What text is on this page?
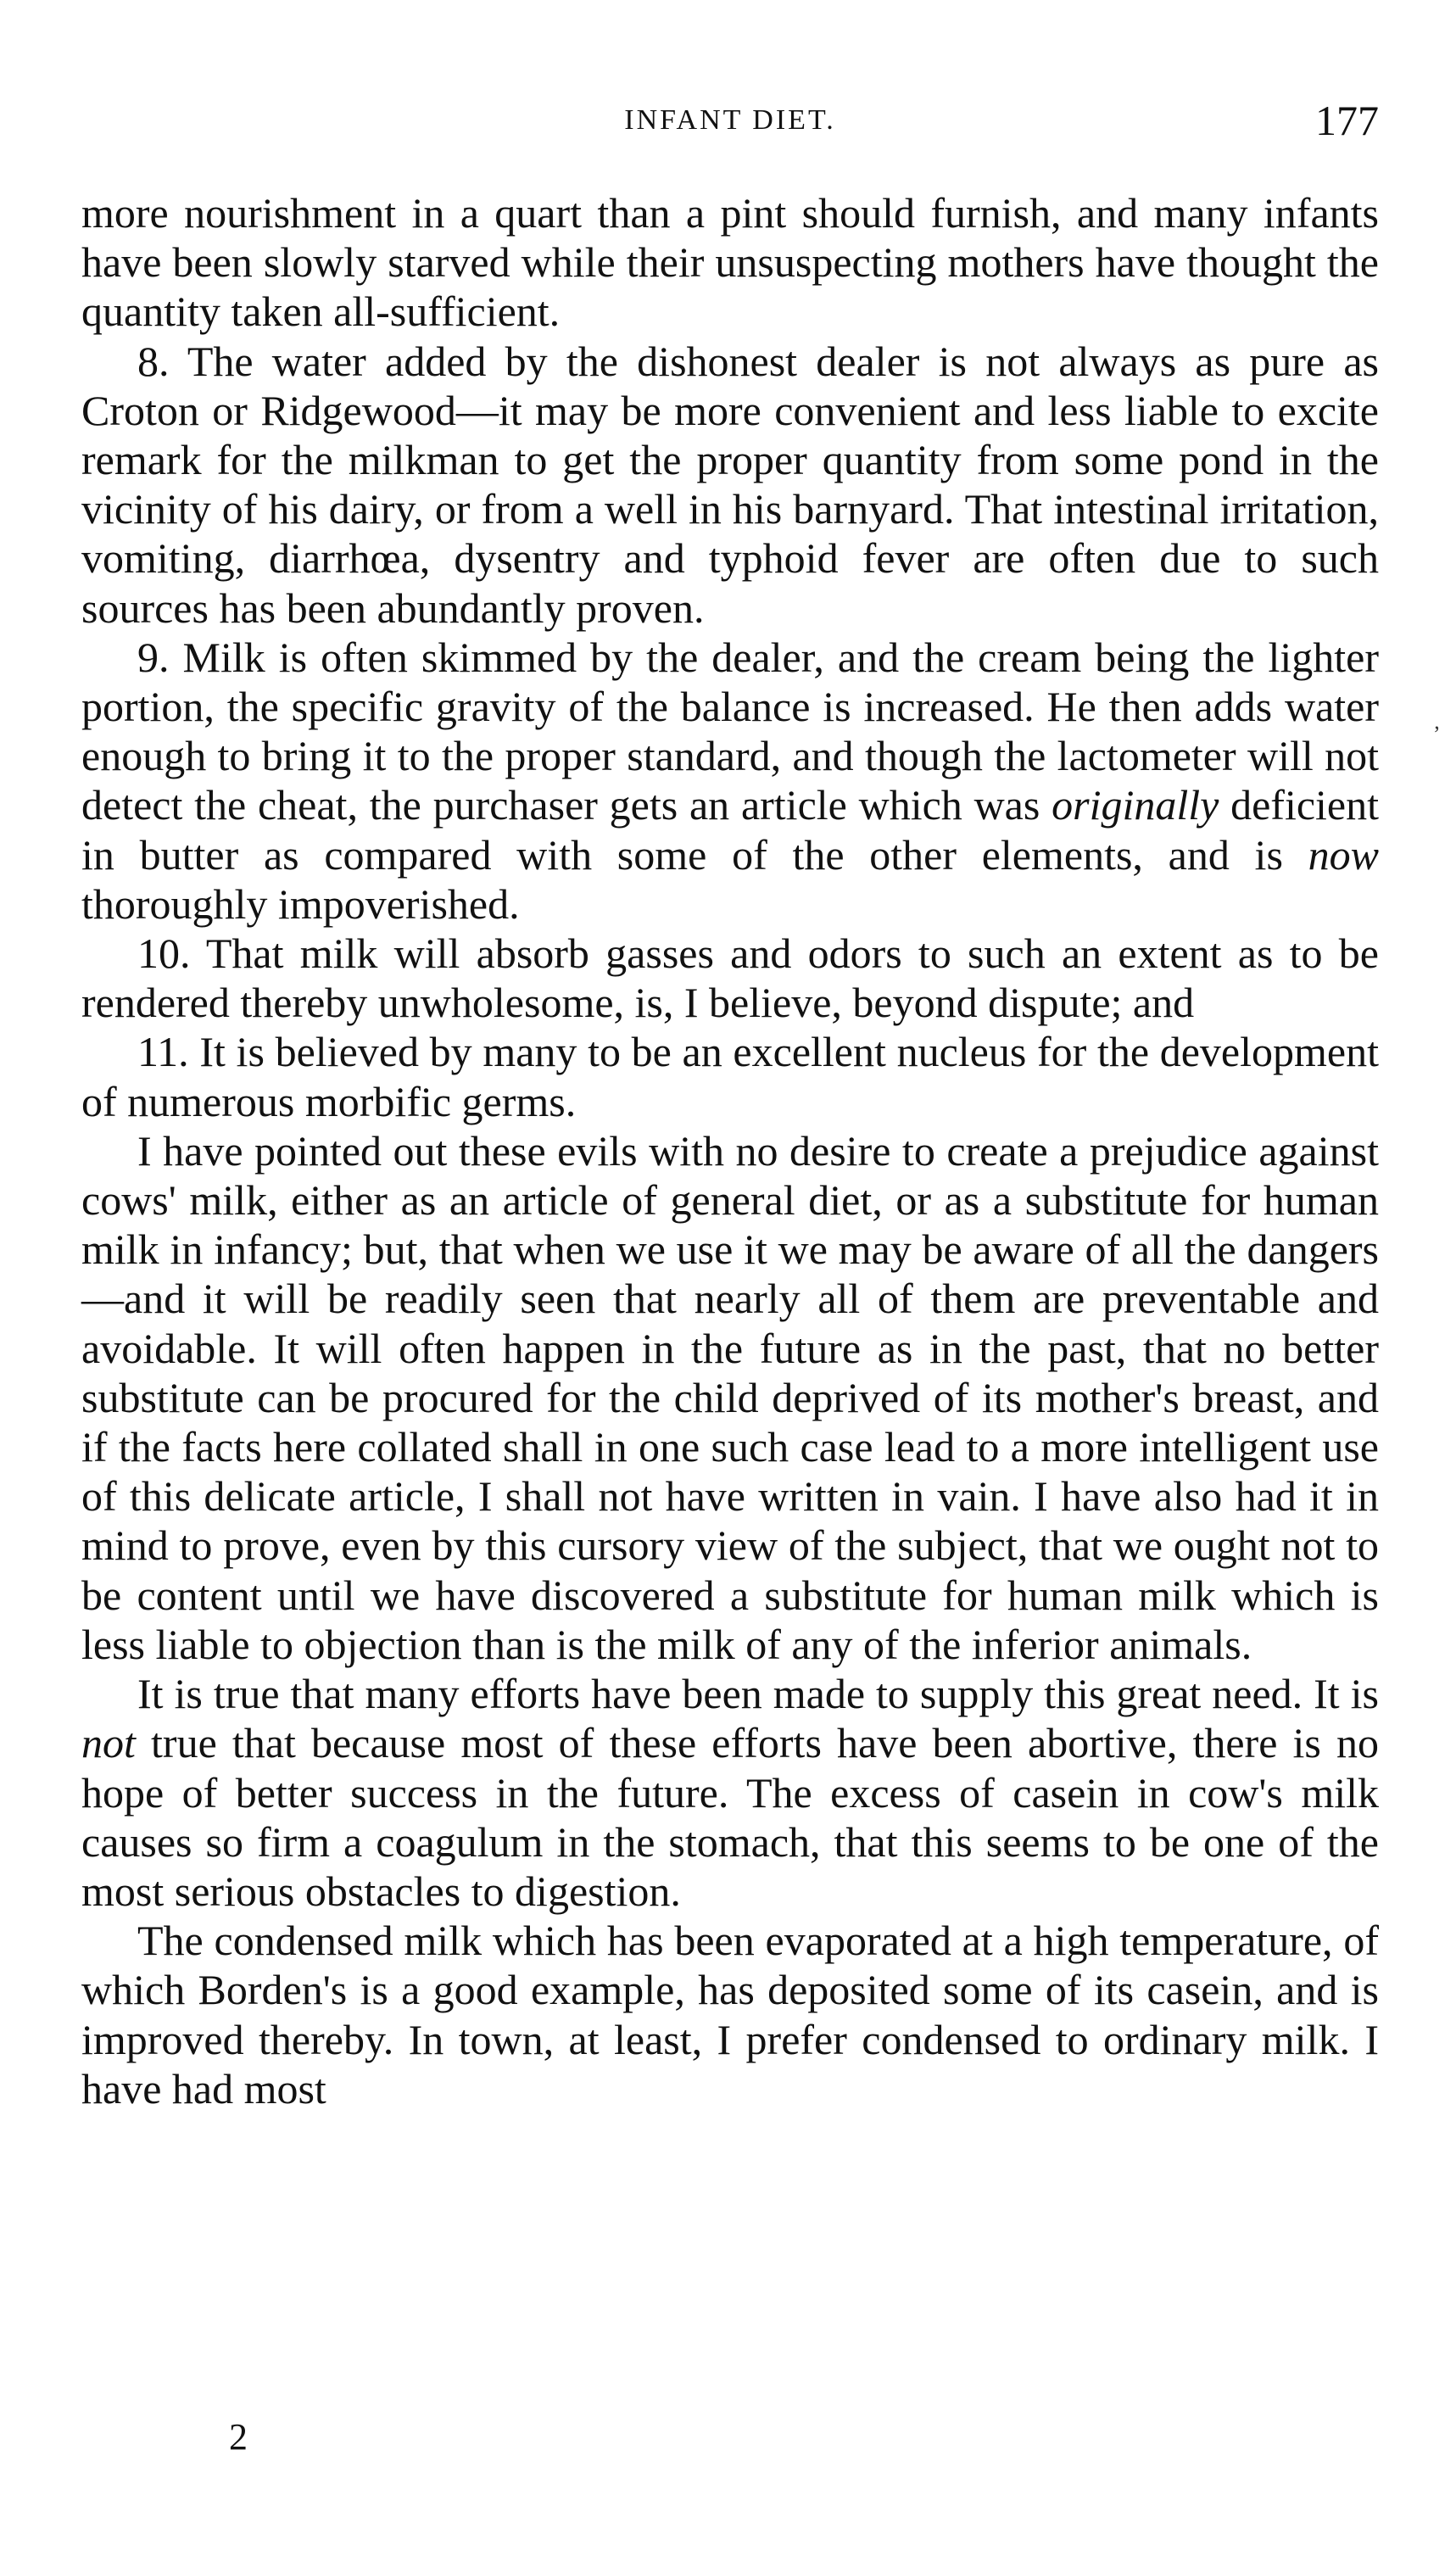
INFANT DIET.	177

more nourishment in a quart than a pint should furnish, and many infants have been slowly starved while their unsuspecting mothers have thought the quantity taken all-sufficient.

8. The water added by the dishonest dealer is not always as pure as Croton or Ridgewood—it may be more convenient and less liable to excite remark for the milkman to get the proper quantity from some pond in the vicinity of his dairy, or from a well in his barnyard. That intestinal irritation, vomiting, diarrhœa, dysentry and typhoid fever are often due to such sources has been abundantly proven.

9. Milk is often skimmed by the dealer, and the cream being the lighter portion, the specific gravity of the balance is increased. He then adds water enough to bring it to the proper standard, and though the lactometer will not detect the cheat, the purchaser gets an article which was originally deficient in butter as compared with some of the other elements, and is now thoroughly impoverished.

10. That milk will absorb gasses and odors to such an extent as to be rendered thereby unwholesome, is, I believe, beyond dispute; and

11. It is believed by many to be an excellent nucleus for the development of numerous morbific germs.

I have pointed out these evils with no desire to create a prejudice against cows' milk, either as an article of general diet, or as a substitute for human milk in infancy; but, that when we use it we may be aware of all the dangers—and it will be readily seen that nearly all of them are preventable and avoidable. It will often happen in the future as in the past, that no better substitute can be procured for the child deprived of its mother's breast, and if the facts here collated shall in one such case lead to a more intelligent use of this delicate article, I shall not have written in vain. I have also had it in mind to prove, even by this cursory view of the subject, that we ought not to be content until we have discovered a substitute for human milk which is less liable to objection than is the milk of any of the inferior animals.

It is true that many efforts have been made to supply this great need. It is not true that because most of these efforts have been abortive, there is no hope of better success in the future. The excess of casein in cow's milk causes so firm a coagulum in the stomach, that this seems to be one of the most serious obstacles to digestion.

The condensed milk which has been evaporated at a high temperature, of which Borden's is a good example, has deposited some of its casein, and is improved thereby. In town, at least, I prefer condensed to ordinary milk. I have had most

2
‚
